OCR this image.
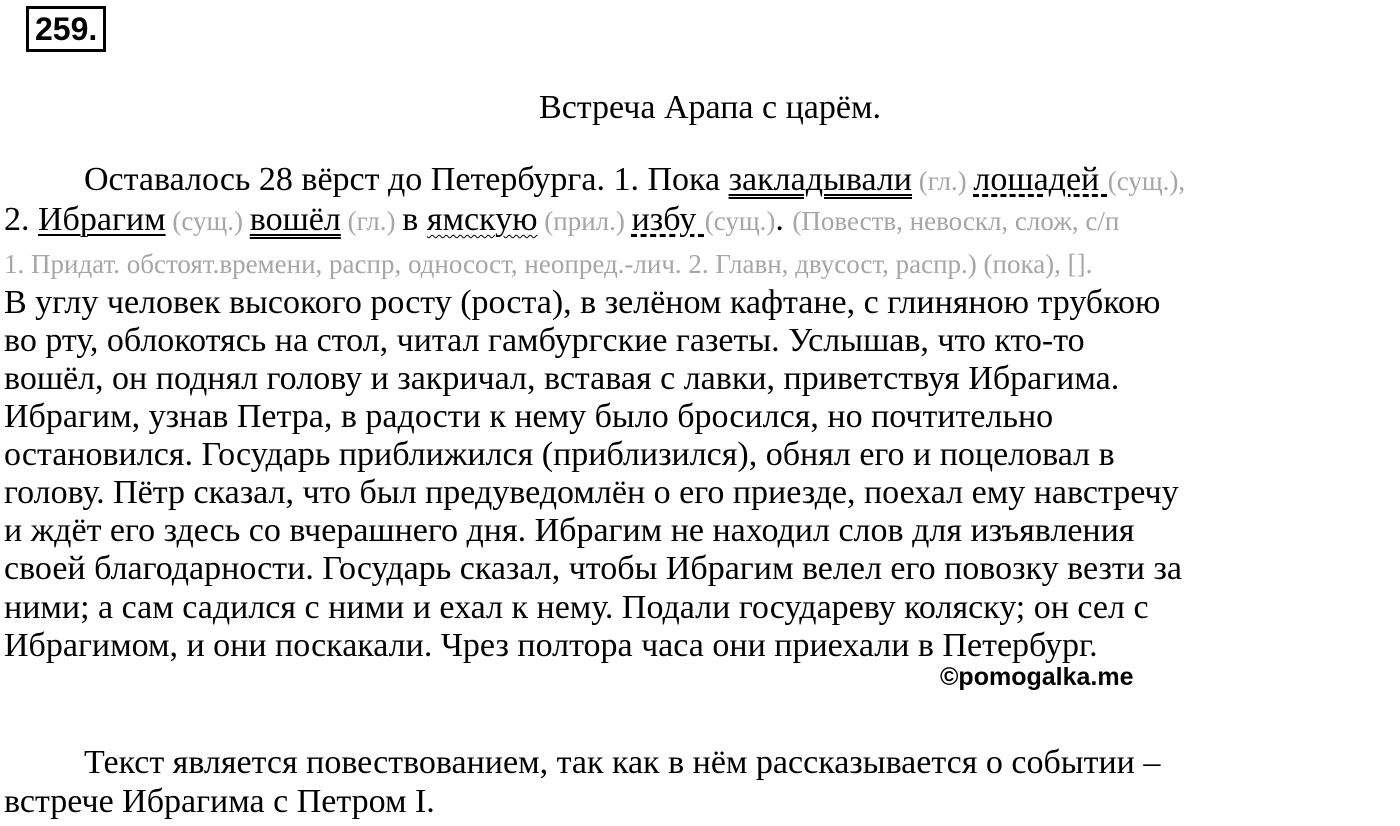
259.
Встреча Арапа с царём.
Оставалось 28 вёрст до Петербурга. 1. Пока закладывали (гл.) лошадей (сущ.),
2. Ибрагим (сущ.) вошёл (гл.) в ямскую (прил.) избу (сущ.). (Повеств, невоскл, слож, с/п
1. Придат. обстоят.времени, распр, односост, неопред.-лич. 2. Главн, двусост, распр.) (пока), [].
В углу человек высокого росту (роста), в зелёном кафтане, с глиняною трубкою
во рту, облокотясь на стол, читал гамбургские газеты. Услышав, что кто-то
вошёл, он поднял голову и закричал, вставая с лавки, приветствуя Ибрагима.
Ибрагим, узнав Петра, в радости к нему было бросился, но почтительно
остановился. Государь приближился (приблизился), обнял его и поцеловал в
голову. Пётр сказал, что был предуведомлён о его приезде, поехал ему навстречу
и ждёт его здесь со вчерашнего дня. Ибрагим не находил слов для изъявления
своей благодарности. Государь сказал, чтобы Ибрагим велел его повозку везти за
ними; а сам садился с ними и ехал к нему. Подали государеву коляску; он сел с
Ибрагимом, и они поскакали. Чрез полтора часа они приехали в Петербург.
©pomogalka.me
Текст является повествованием, так как в нём рассказывается о событии –
встрече Ибрагима с Петром I.
